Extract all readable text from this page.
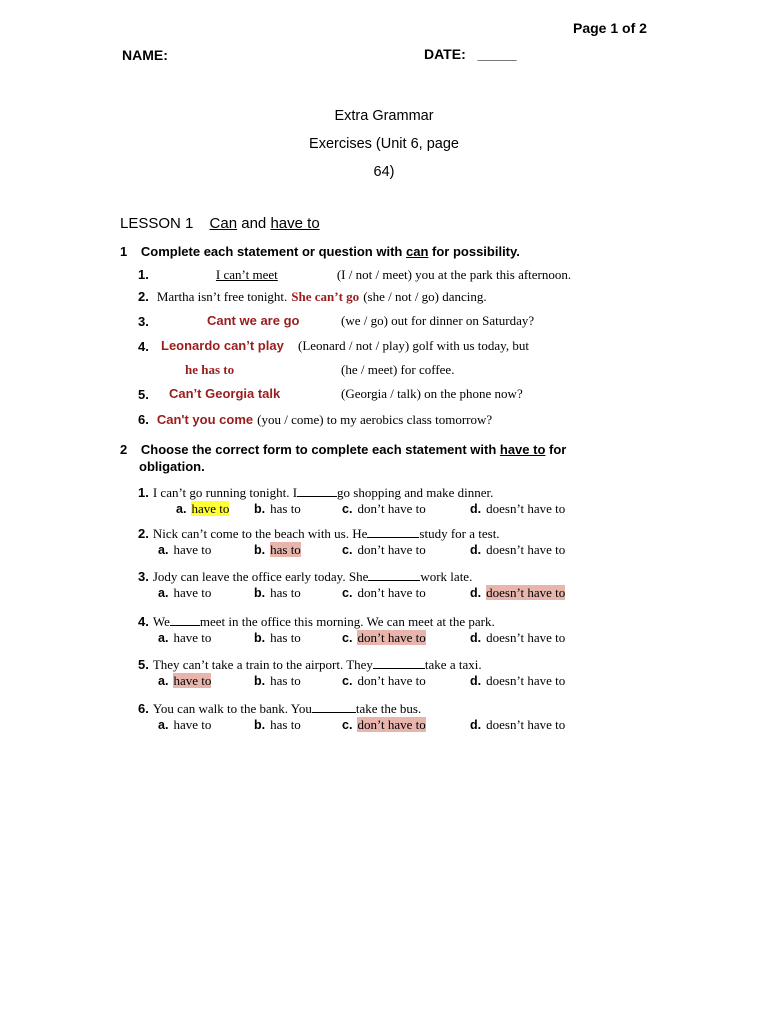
Page 1 of 2
NAME:	DATE: _____
Extra Grammar
Exercises (Unit 6, page
64)
LESSON 1 Can and have to
1 Complete each statement or question with can for possibility.
1.	I can’t meet	(I / not / meet) you at the park this afternoon.
2. Martha isn’t free tonight. She can’t go (she / not / go) dancing.
3.	Cant we are go	(we / go) out for dinner on Saturday?
4. Leonardo can’t play (Leonard / not / play) golf with us today, but
he has to	(he / meet) for coffee.
5. Can’t Georgia talk	(Georgia / talk) on the phone now?
6. Can't you come (you / come) to my aerobics class tomorrow?
2 Choose the correct form to complete each statement with have to for
obligation.
1. I can’t go running tonight. I	go shopping and make dinner.
a. have to b. has to	c. don’t have to	d. doesn’t have to
2. Nick can’t come to the beach with us. He	study for a test.
a. have to	b. has to	c. don’t have to	d. doesn’t have to
3. Jody can leave the office early today. She	work late.
a. have to	b. has to	c. don’t have to	d. doesn’t have to
4. We meet in the office this morning. We can meet at the park.
a. have to	b. has to	c. don’t have to	d. doesn’t have to
5. They can’t take a train to the airport. They	take a taxi.
a. have to	b. has to	c. don’t have to	d. doesn’t have to
6. You can walk to the bank. You	take the bus.
a. have to	b. has to	c. don’t have to	d. doesn’t have to
